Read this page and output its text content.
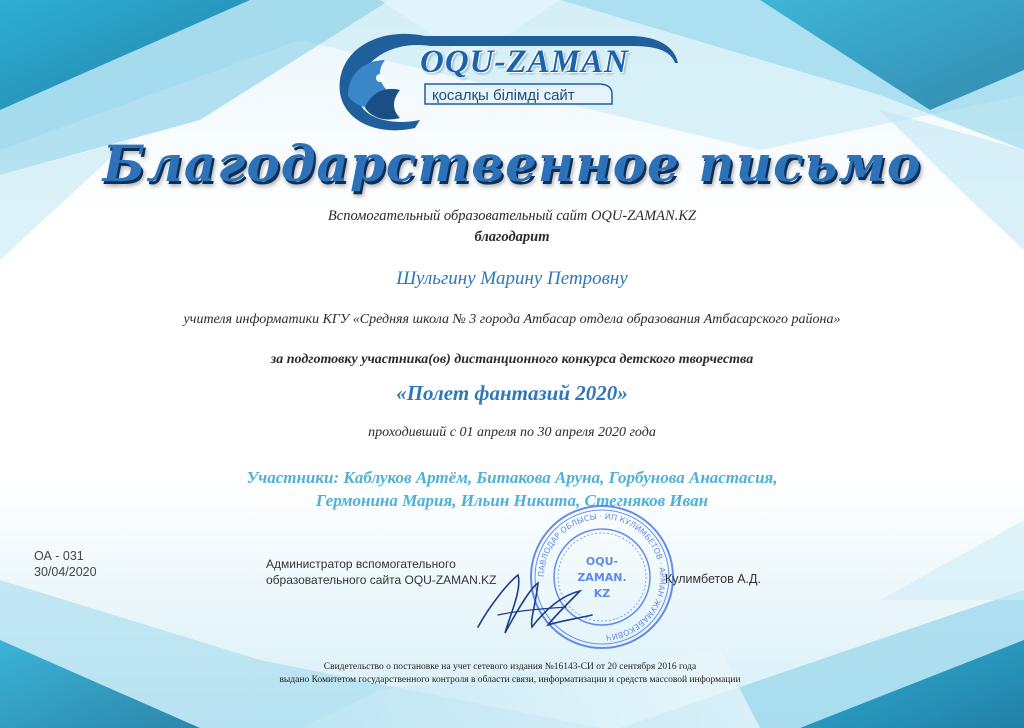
OQU-ZAMAN

қосалқы білімді сайт

Благодарственное письмо

Вспомогательный образовательный сайт OQU-ZAMAN.KZ

благодарит

Шульгину Марину Петровну

учителя информатики КГУ «Средняя школа № 3 города Атбасар отдела образования Атбасарского района»

за подготовку участника(ов) дистанционного конкурса детского творчества

«Полет фантазий 2020»

проходивший с 01 апреля по 30 апреля 2020 года

Участники: Каблуков Артём, Битакова Аруна, Горбунова Анастасия,
Гермонина Мария, Ильин Никита, Стегняков Иван

ОА - 031
30/04/2020

Администратор вспомогательного
образовательного сайта OQU-ZAMAN.KZ	ПАВЛОДАР ОБЛЫСЫ · ИП КУЛИМБЕТОВ · АРМАН ЖУМАБЕКОВИЧ
OQU-
ZAMAN.
KZ

Кулимбетов А.Д.

Свидетельство о постановке на учет сетевого издания №16143-СИ от 20 сентября 2016 года
выдано Комитетом государственного контроля в области связи, информатизации и средств массовой информации
